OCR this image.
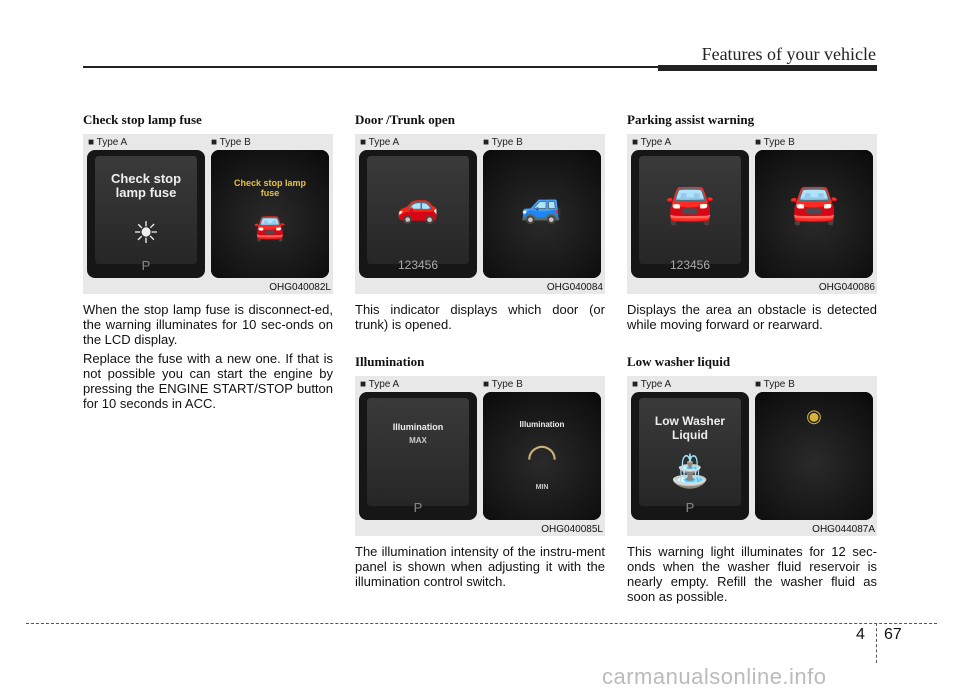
Features of your vehicle
Check stop lamp fuse
■ Type A	■ Type B
Check stop lamp fuse
☀
P
Check stop lamp fuse
🚘
OHG040082L

When the stop lamp fuse is disconnect-ed, the warning illuminates for 10 sec-onds on the LCD display.

Replace the fuse with a new one. If that is not possible you can start the engine by pressing the ENGINE START/STOP button for 10 seconds in ACC.

Door /Trunk open
■ Type A	■ Type B
🚗
123456
🚙
OHG040084

This indicator displays which door (or trunk) is opened.

Illumination
■ Type A	■ Type B
Illumination
MAX
P
Illumination
◠
MIN
OHG040085L

The illumination intensity of the instru-ment panel is shown when adjusting it with the illumination control switch.

Parking assist warning
■ Type A	■ Type B
🚘
123456
🚘
OHG040086

Displays the area an obstacle is detected while moving forward or rearward.

Low washer liquid
■ Type A	■ Type B
Low Washer Liquid
⛲
P
◉
OHG044087A

This warning light illuminates for 12 sec-onds when the washer fluid reservoir is nearly empty. Refill the washer fluid as soon as possible.

4 67
carmanualsonline.info
